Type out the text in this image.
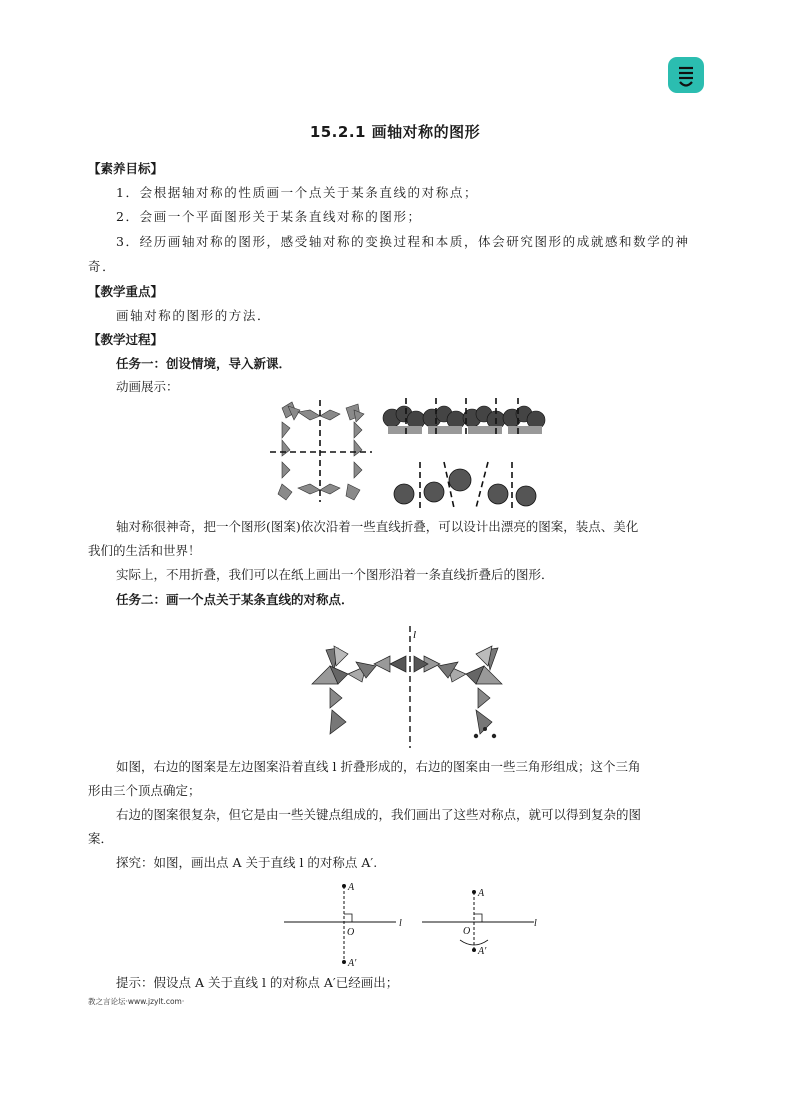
15.2.1 画轴对称的图形
【素养目标】
1．会根据轴对称的性质画一个点关于某条直线的对称点；
2．会画一个平面图形关于某条直线对称的图形；
3．经历画轴对称的图形，感受轴对称的变换过程和本质，体会研究图形的成就感和数学的神
奇．
【教学重点】
画轴对称的图形的方法．
【教学过程】
任务一：创设情境，导入新课．
动画展示：
轴对称很神奇，把一个图形(图案)依次沿着一些直线折叠，可以设计出漂亮的图案，装点、美化
我们的生活和世界！
实际上，不用折叠，我们可以在纸上画出一个图形沿着一条直线折叠后的图形．
任务二：画一个点关于某条直线的对称点．
l
如图，右边的图案是左边图案沿着直线 l 折叠形成的，右边的图案由一些三角形组成；这个三角
形由三个顶点确定；
右边的图案很复杂，但它是由一些关键点组成的，我们画出了这些对称点，就可以得到复杂的图
案．
探究：如图，画出点 A 关于直线 l 的对称点 A′.
A
O
l
A′
A
O
l
A′
提示：假设点 A 关于直线 l 的对称点 A′已经画出；
教之言论坛·www.jzylt.com·
